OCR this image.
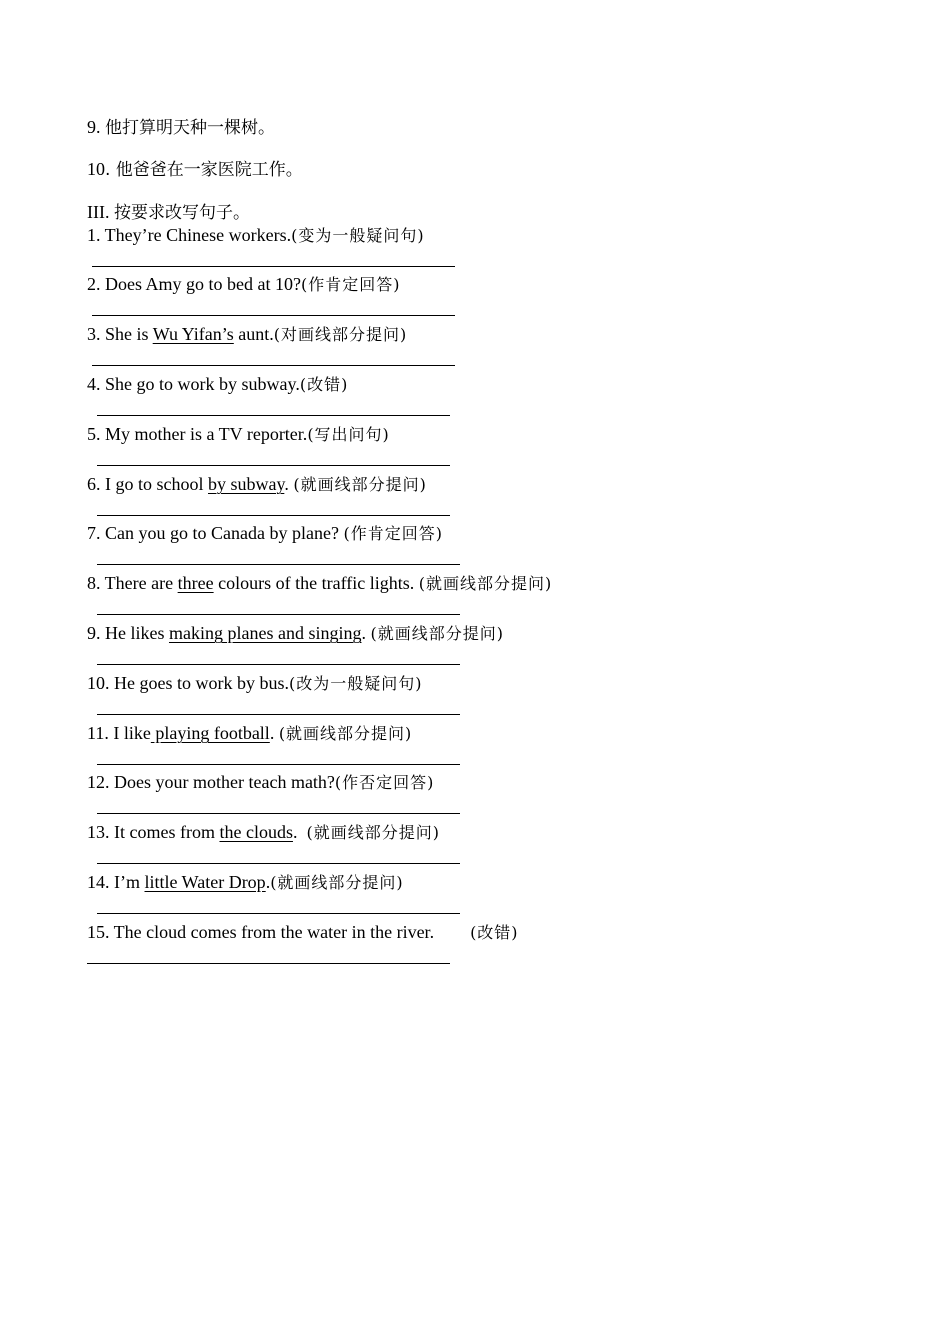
9. 他打算明天种一棵树。
10. 他爸爸在一家医院工作。
III. 按要求改写句子。
1. They’re Chinese workers.(变为一般疑问句)
2. Does Amy go to bed at 10?(作肯定回答)
3. She is Wu Yifan’s aunt.(对画线部分提问)
4. She go to work by subway.(改错)
5. My mother is a TV reporter.(写出问句)
6. I go to school by subway. (就画线部分提问)
7. Can you go to Canada by plane? (作肯定回答)
8. There are three colours of the traffic lights. (就画线部分提问)
9. He likes making planes and singing. (就画线部分提问)
10. He goes to work by bus.(改为一般疑问句)
11. I like playing football. (就画线部分提问)
12. Does your mother teach math?(作否定回答)
13. It comes from the clouds.  (就画线部分提问)
14. I’m little Water Drop.(就画线部分提问)
15. The cloud comes from the water in the river.        (改错)
